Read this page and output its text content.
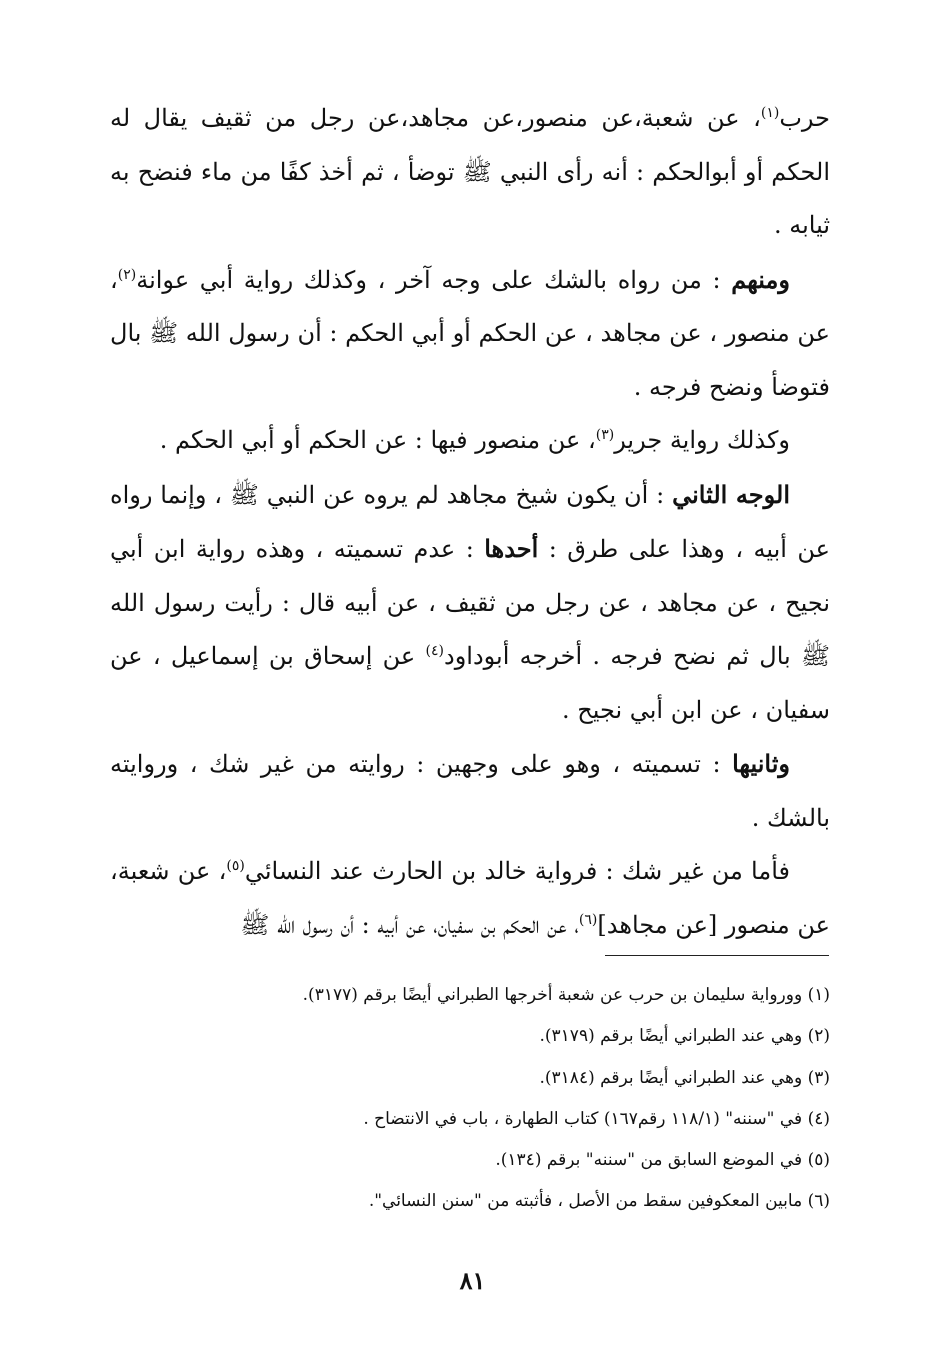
حرب$^{(١)}$، عن شعبة،عن منصور،عن مجاهد،عن رجل من ثقيف يقال له الحكم أو أبوالحكم : أنه رأى النبي ﷺ توضأ ، ثم أخذ كفًا من ماء فنضح به ثيابه .

ومنهم : من رواه بالشك على وجه آخر ، وكذلك رواية أبي عوانة$^{(٢)}$، عن منصور ، عن مجاهد ، عن الحكم أو أبي الحكم : أن رسول الله ﷺ بال فتوضأ ونضح فرجه .

وكذلك رواية جرير$^{(٣)}$، عن منصور فيها : عن الحكم أو أبي الحكم .

الوجه الثاني : أن يكون شيخ مجاهد لم يروه عن النبي ﷺ ، وإنما رواه عن أبيه ، وهذا على طرق : أحدها : عدم تسميته ، وهذه رواية ابن أبي نجيح ، عن مجاهد ، عن رجل من ثقيف ، عن أبيه قال : رأيت رسول الله ﷺ بال ثم نضح فرجه . أخرجه أبوداود$^{(٤)}$ عن إسحاق بن إسماعيل ، عن سفيان ، عن ابن أبي نجيح .

وثانيها : تسميته ، وهو على وجهين : روايته من غير شك ، وروايته بالشك .

فأما من غير شك : فرواية خالد بن الحارث عند النسائي$^{(٥)}$، عن شعبة، عن منصور [عن مجاهد]$^{(٦)}$، عن الحكم بن سفيان، عن أبيه : أن رسول الله ﷺ

(١) وورواية سليمان بن حرب عن شعبة أخرجها الطبراني أيضًا برقم (٣١٧٧).

(٢) وهي عند الطبراني أيضًا برقم (٣١٧٩).

(٣) وهي عند الطبراني أيضًا برقم (٣١٨٤).

(٤) في "سننه" (١١٨/١ رقم١٦٧) كتاب الطهارة ، باب في الانتضاح .

(٥) في الموضع السابق من "سننه" برقم (١٣٤).

(٦) مابين المعكوفين سقط من الأصل ، فأثبته من "سنن النسائي".

٨١
